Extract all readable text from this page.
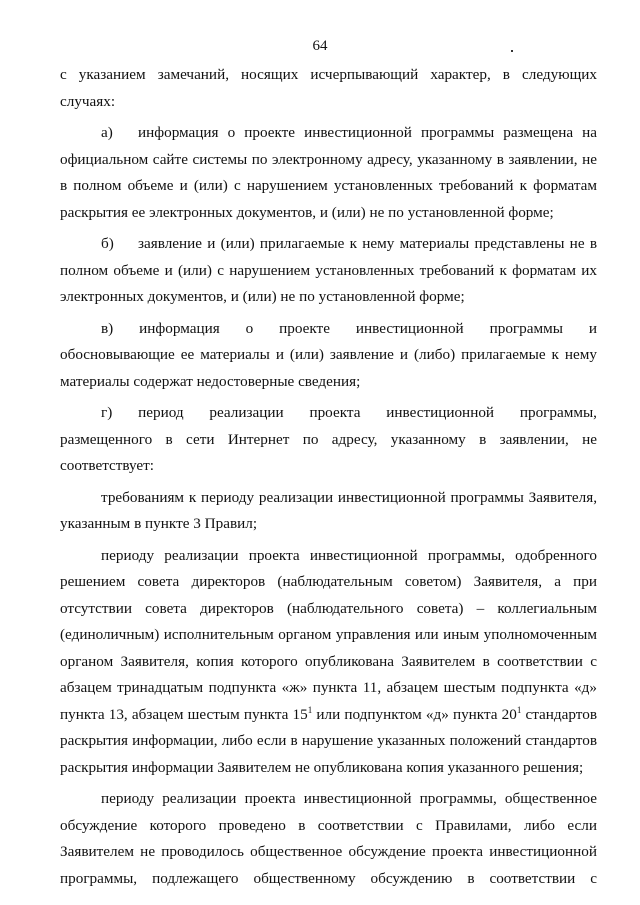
64

с указанием замечаний, носящих исчерпывающий характер, в следующих

случаях:

а) информация о проекте инвестиционной программы размещена на

официальном сайте системы по электронному адресу, указанному в заявлении, не в полном объеме и (или) с нарушением установленных требований к форматам раскрытия ее электронных документов, и (или) не по установленной форме;

б) заявление и (или) прилагаемые к нему материалы представлены не в

полном объеме и (или) с нарушением установленных требований к форматам их электронных документов, и (или) не по установленной форме;

в) информация о проекте инвестиционной программы и

обосновывающие ее материалы и (или) заявление и (либо) прилагаемые к нему материалы содержат недостоверные сведения;

г) период реализации проекта инвестиционной программы,

размещенного в сети Интернет по адресу, указанному в заявлении, не соответствует:

требованиям к периоду реализации инвестиционной программы Заявителя, указанным в пункте 3 Правил;

периоду реализации проекта инвестиционной программы, одобренного решением совета директоров (наблюдательным советом) Заявителя, а при отсутствии совета директоров (наблюдательного совета) – коллегиальным (единоличным) исполнительным органом управления или иным уполномоченным органом Заявителя, копия которого опубликована Заявителем в соответствии с абзацем тринадцатым подпункта «ж» пункта 11, абзацем шестым подпункта «д» пункта 13, абзацем шестым пункта $15^1$ или подпунктом «д» пункта $20^1$ стандартов раскрытия информации, либо если в нарушение указанных положений стандартов раскрытия информации Заявителем не опубликована копия указанного решения;

периоду реализации проекта инвестиционной программы, общественное обсуждение которого проведено в соответствии с Правилами, либо если Заявителем не проводилось общественное обсуждение проекта инвестиционной программы, подлежащего общественному обсуждению в соответствии с
